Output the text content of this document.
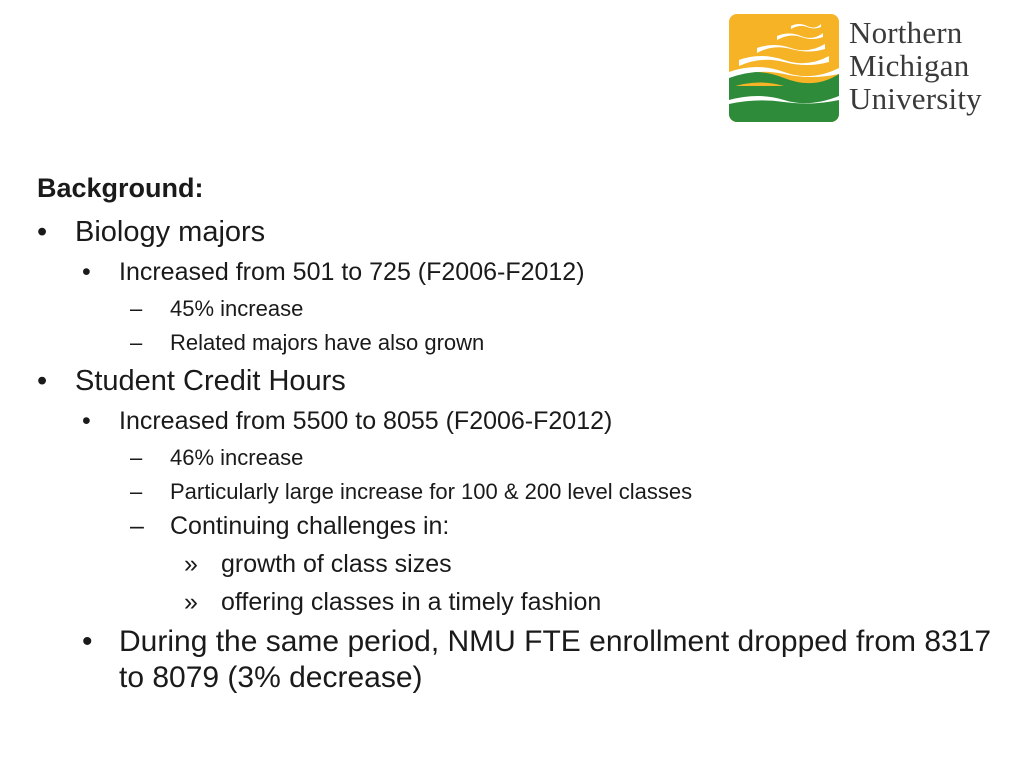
Northern
Michigan
University
Background:
• Biology majors
• Increased from 501 to 725 (F2006-F2012)
– 45% increase
– Related majors have also grown
• Student Credit Hours
• Increased from 5500 to 8055 (F2006-F2012)
– 46% increase
– Particularly large increase for 100 & 200 level classes
– Continuing challenges in:
» growth of class sizes
» offering classes in a timely fashion
• During the same period, NMU FTE enrollment dropped from 8317 to 8079 (3% decrease)
